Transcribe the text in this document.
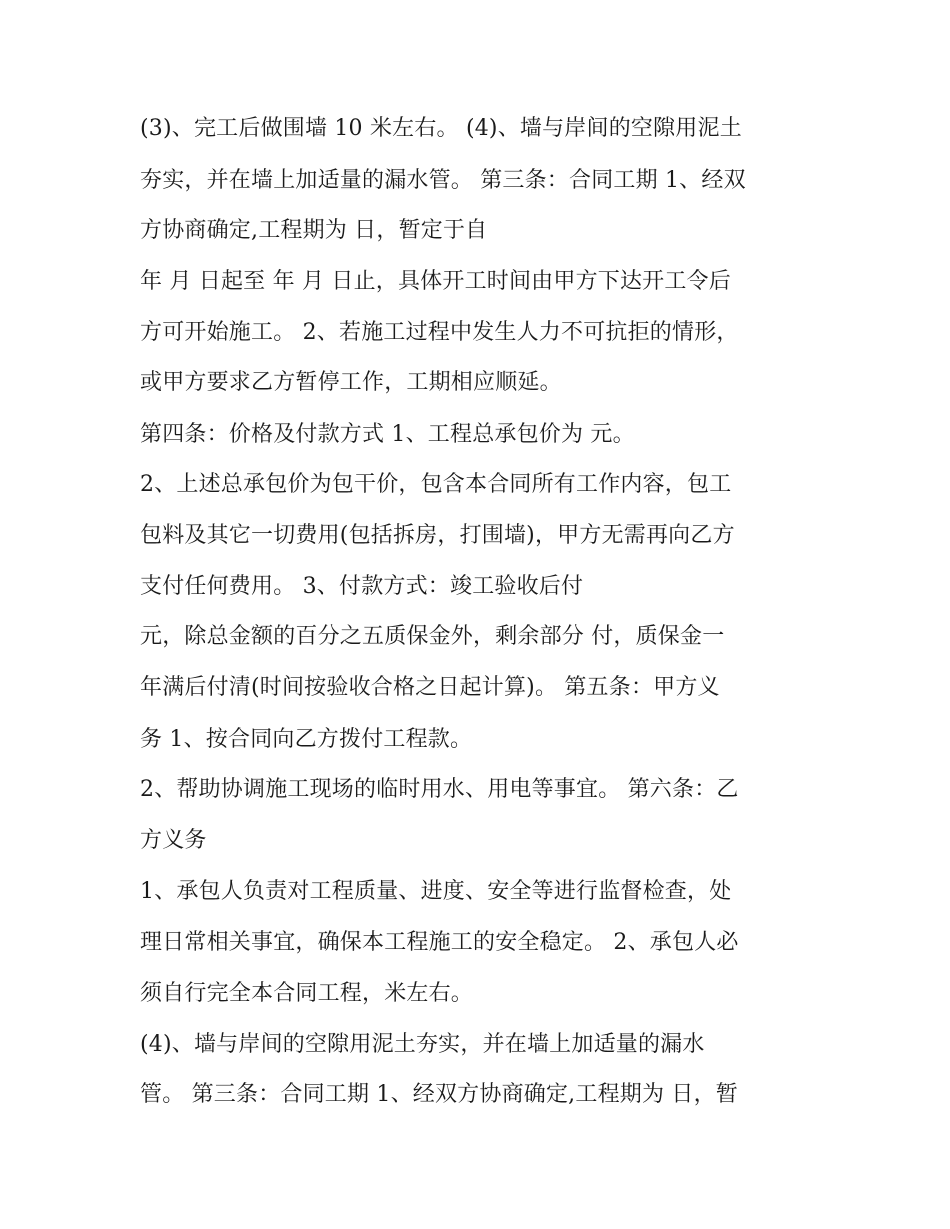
(3)、完工后做围墙 10 米左右。 (4)、墙与岸间的空隙用泥土
夯实，并在墙上加适量的漏水管。 第三条：合同工期 1、经双
方协商确定,工程期为 日，暂定于自
年 月 日起至 年 月 日止，具体开工时间由甲方下达开工令后
方可开始施工。 2、若施工过程中发生人力不可抗拒的情形，
或甲方要求乙方暂停工作，工期相应顺延。
第四条：价格及付款方式 1、工程总承包价为 元。
2、上述总承包价为包干价，包含本合同所有工作内容，包工
包料及其它一切费用(包括拆房，打围墙)，甲方无需再向乙方
支付任何费用。 3、付款方式：竣工验收后付
元，除总金额的百分之五质保金外，剩余部分 付，质保金一
年满后付清(时间按验收合格之日起计算)。 第五条：甲方义
务 1、按合同向乙方拨付工程款。
2、帮助协调施工现场的临时用水、用电等事宜。 第六条：乙
方义务
1、承包人负责对工程质量、进度、安全等进行监督检查，处
理日常相关事宜，确保本工程施工的安全稳定。 2、承包人必
须自行完全本合同工程，米左右。
(4)、墙与岸间的空隙用泥土夯实，并在墙上加适量的漏水
管。 第三条：合同工期 1、经双方协商确定,工程期为 日，暂
